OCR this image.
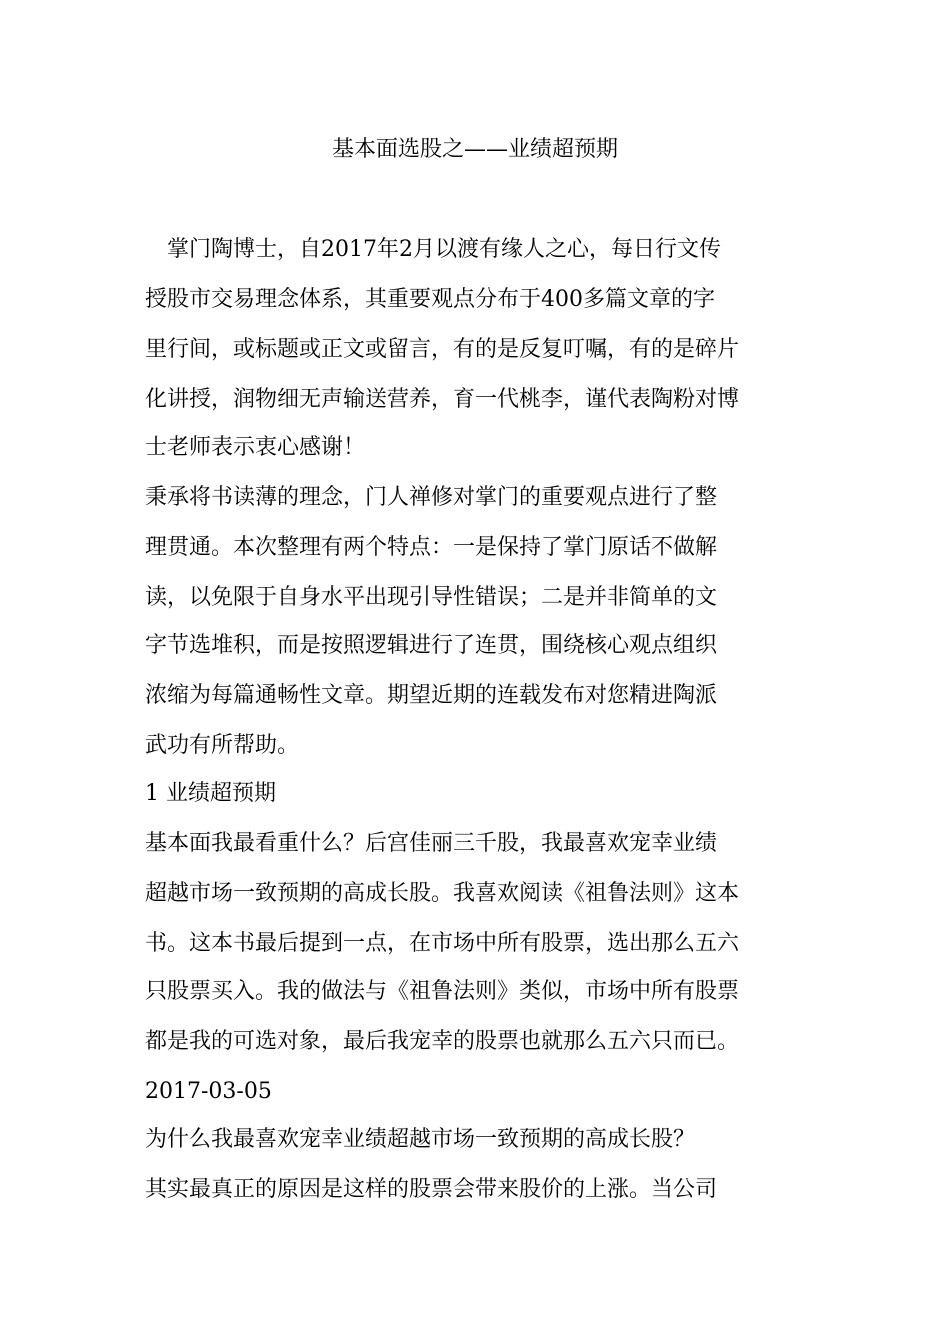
基本面选股之——业绩超预期
　掌门陶博士，自2017年2月以渡有缘人之心，每日行文传
授股市交易理念体系，其重要观点分布于400多篇文章的字
里行间，或标题或正文或留言，有的是反复叮嘱，有的是碎片
化讲授，润物细无声输送营养，育一代桃李，谨代表陶粉对博
士老师表示衷心感谢！
秉承将书读薄的理念，门人禅修对掌门的重要观点进行了整
理贯通。本次整理有两个特点：一是保持了掌门原话不做解
读，以免限于自身水平出现引导性错误；二是并非简单的文
字节选堆积，而是按照逻辑进行了连贯，围绕核心观点组织
浓缩为每篇通畅性文章。期望近期的连载发布对您精进陶派
武功有所帮助。
1 业绩超预期
基本面我最看重什么？后宫佳丽三千股，我最喜欢宠幸业绩
超越市场一致预期的高成长股。我喜欢阅读《祖鲁法则》这本
书。这本书最后提到一点，在市场中所有股票，选出那么五六
只股票买入。我的做法与《祖鲁法则》类似，市场中所有股票
都是我的可选对象，最后我宠幸的股票也就那么五六只而已。
2017-03-05
为什么我最喜欢宠幸业绩超越市场一致预期的高成长股？
其实最真正的原因是这样的股票会带来股价的上涨。当公司
